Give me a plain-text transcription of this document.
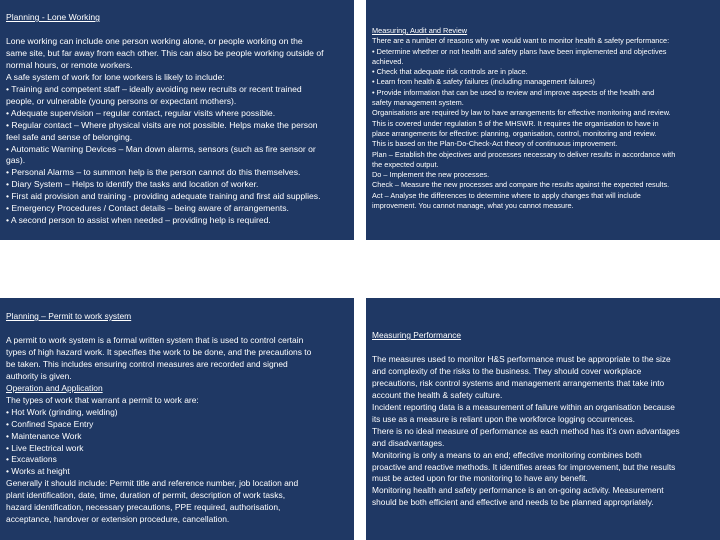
Planning - Lone Working
Lone working can include one person working alone, or people working on the
same site, but far away from each other. This can also be people working outside of
normal hours, or remote workers.
A safe system of work for lone workers is likely to include:
• Training and competent staff – ideally avoiding new recruits or recent trained
people, or vulnerable (young persons or expectant mothers).
• Adequate supervision – regular contact, regular visits where possible.
• Regular contact – Where physical visits are not possible. Helps make the person
feel safe and sense of belonging.
• Automatic Warning Devices – Man down alarms, sensors (such as fire sensor or
gas).
• Personal Alarms – to summon help is the person cannot do this themselves.
• Diary System – Helps to identify the tasks and location of worker.
• First aid provision and training - providing adequate training and first aid supplies.
• Emergency Procedures / Contact details – being aware of arrangements.
• A second person to assist when needed – providing help is required.
Measuring, Audit and Review
There are a number of reasons why we would want to monitor health & safety performance:
• Determine whether or not health and safety plans have been implemented and objectives
achieved.
• Check that adequate risk controls are in place.
• Learn from health & safety failures (including management failures)
• Provide information that can be used to review and improve aspects of the health and
safety management system.
Organisations are required by law to have arrangements for effective monitoring and review.
This is covered under regulation 5 of the MHSWR. It requires the organisation to have in
place arrangements for effective: planning, organisation, control, monitoring and review.
This is based on the Plan-Do-Check-Act theory of continuous improvement.
Plan – Establish the objectives and processes necessary to deliver results in accordance with
the expected output.
Do – Implement the new processes.
Check – Measure the new processes and compare the results against the expected results.
Act – Analyse the differences to determine where to apply changes that will include
improvement. You cannot manage, what you cannot measure.
Planning – Permit to work system
A permit to work system is a formal written system that is used to control certain
types of high hazard work. It specifies the work to be done, and the precautions to
be taken. This includes ensuring control measures are recorded and signed
authority is given.
Operation and Application
The types of work that warrant a permit to work are:
• Hot Work (grinding, welding)
• Confined Space Entry
• Maintenance Work
• Live Electrical work
• Excavations
• Works at height
Generally it should include: Permit title and reference number, job location and
plant identification, date, time, duration of permit, description of work tasks,
hazard identification, necessary precautions, PPE required, authorisation,
acceptance, handover or extension procedure, cancellation.
Measuring Performance
The measures used to monitor H&S performance must be appropriate to the size
and complexity of the risks to the business. They should cover workplace
precautions, risk control systems and management arrangements that take into
account the health & safety culture.
Incident reporting data is a measurement of failure within an organisation because
its use as a measure is reliant upon the workforce logging occurrences.
There is no ideal measure of performance as each method has it's own advantages
and disadvantages.
Monitoring is only a means to an end; effective monitoring combines both
proactive and reactive methods. It identifies areas for improvement, but the results
must be acted upon for the monitoring to have any benefit.
Monitoring health and safety performance is an on-going activity. Measurement
should be both efficient and effective and needs to be planned appropriately.
